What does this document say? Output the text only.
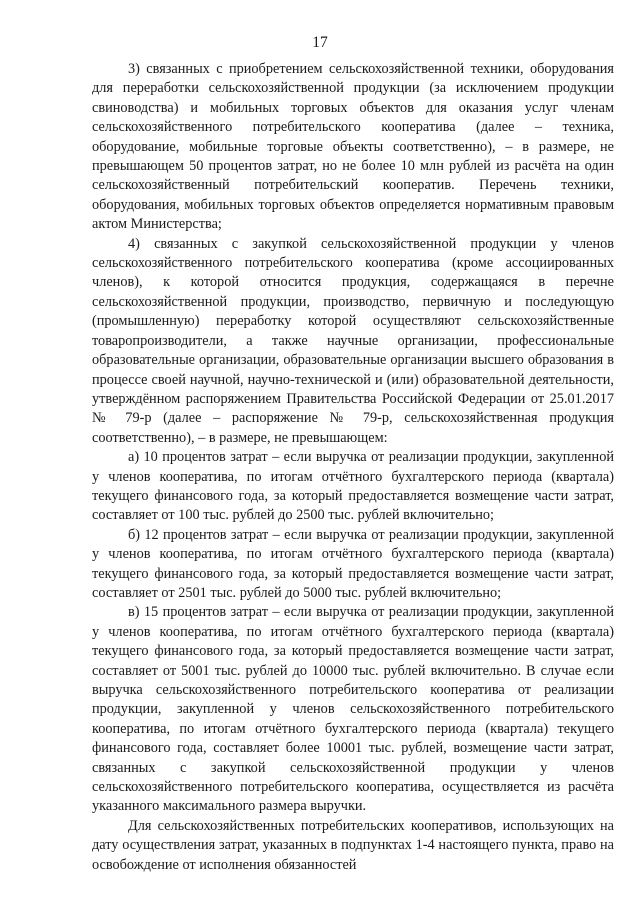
17

3) связанных с приобретением сельскохозяйственной техники, оборудования для переработки сельскохозяйственной продукции (за исключением продукции свиноводства) и мобильных торговых объектов для оказания услуг членам сельскохозяйственного потребительского кооператива (далее – техника, оборудование, мобильные торговые объекты соответственно), – в размере, не превышающем 50 процентов затрат, но не более 10 млн рублей из расчёта на один сельскохозяйственный потребительский кооператив. Перечень техники, оборудования, мобильных торговых объектов определяется нормативным правовым актом Министерства;

4) связанных с закупкой сельскохозяйственной продукции у членов сельскохозяйственного потребительского кооператива (кроме ассоциированных членов), к которой относится продукция, содержащаяся в перечне сельскохозяйственной продукции, производство, первичную и последующую (промышленную) переработку которой осуществляют сельскохозяйственные товаропроизводители, а также научные организации, профессиональные образовательные организации, образовательные организации высшего образования в процессе своей научной, научно-технической и (или) образовательной деятельности, утверждённом распоряжением Правительства Российской Федерации от 25.01.2017 № 79-р (далее – распоряжение № 79-р, сельскохозяйственная продукция соответственно), – в размере, не превышающем:

а) 10 процентов затрат – если выручка от реализации продукции, закупленной у членов кооператива, по итогам отчётного бухгалтерского периода (квартала) текущего финансового года, за который предоставляется возмещение части затрат, составляет от 100 тыс. рублей до 2500 тыс. рублей включительно;

б) 12 процентов затрат – если выручка от реализации продукции, закупленной у членов кооператива, по итогам отчётного бухгалтерского периода (квартала) текущего финансового года, за который предоставляется возмещение части затрат, составляет от 2501 тыс. рублей до 5000 тыс. рублей включительно;

в) 15 процентов затрат – если выручка от реализации продукции, закупленной у членов кооператива, по итогам отчётного бухгалтерского периода (квартала) текущего финансового года, за который предоставляется возмещение части затрат, составляет от 5001 тыс. рублей до 10000 тыс. рублей включительно. В случае если выручка сельскохозяйственного потребительского кооператива от реализации продукции, закупленной у членов сельскохозяйственного потребительского кооператива, по итогам отчётного бухгалтерского периода (квартала) текущего финансового года, составляет более 10001 тыс. рублей, возмещение части затрат, связанных с закупкой сельскохозяйственной продукции у членов сельскохозяйственного потребительского кооператива, осуществляется из расчёта указанного максимального размера выручки.

Для сельскохозяйственных потребительских кооперативов, использующих на дату осуществления затрат, указанных в подпунктах 1-4 настоящего пункта, право на освобождение от исполнения обязанностей
